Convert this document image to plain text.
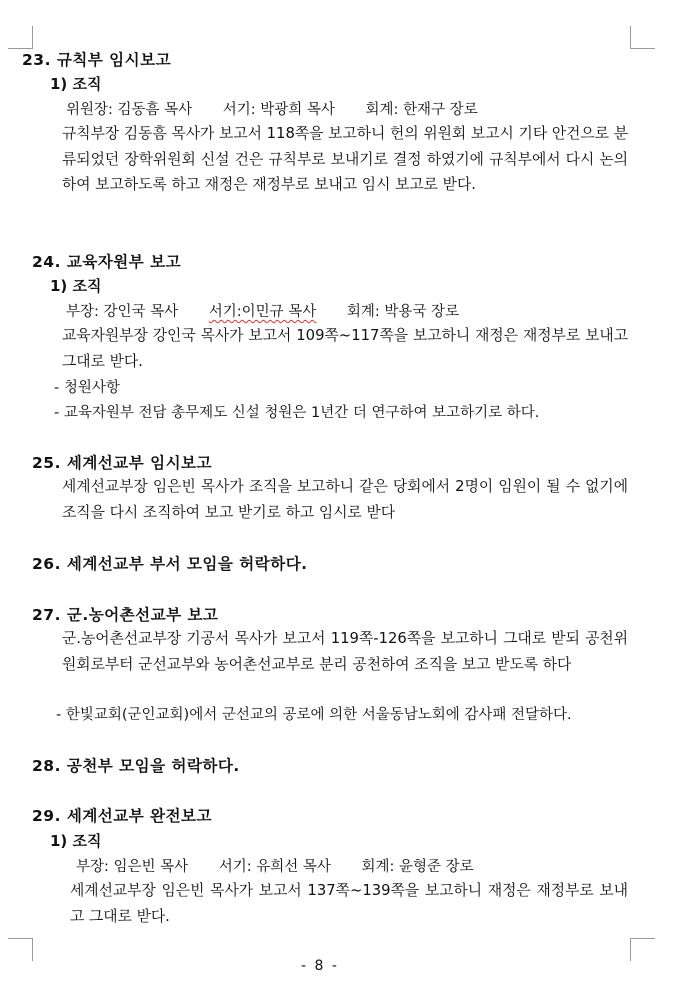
23. 규칙부 임시보고
1) 조직
위원장: 김동흠 목사 서기: 박광희 목사 회계: 한재구 장로
규칙부장 김동흠 목사가 보고서 118쪽을 보고하니 헌의 위원회 보고시 기타 안건으로 분류되었던 장학위원회 신설 건은 규칙부로 보내기로 결정 하였기에 규칙부에서 다시 논의 하여 보고하도록 하고 재정은 재정부로 보내고 임시 보고로 받다.
24. 교육자원부 보고
1) 조직
부장: 강인국 목사 서기:이민규 목사 회계: 박용국 장로
교육자원부장 강인국 목사가 보고서 109쪽~117쪽을 보고하니 재정은 재정부로 보내고 그대로 받다.
- 청원사항
- 교육자원부 전담 총무제도 신설 청원은 1년간 더 연구하여 보고하기로 하다.
25. 세계선교부 임시보고
세계선교부장 임은빈 목사가 조직을 보고하니 같은 당회에서 2명이 임원이 될 수 없기에 조직을 다시 조직하여 보고 받기로 하고 임시로 받다
26. 세계선교부 부서 모임을 허락하다.
27. 군.농어촌선교부 보고
군.농어촌선교부장 기공서 목사가 보고서 119쪽-126쪽을 보고하니 그대로 받되 공천위원회로부터 군선교부와 농어촌선교부로 분리 공천하여 조직을 보고 받도록 하다
- 한빛교회(군인교회)에서 군선교의 공로에 의한 서울동남노회에 감사패 전달하다.
28. 공천부 모임을 허락하다.
29. 세계선교부 완전보고
1) 조직
부장: 임은빈 목사 서기: 유희선 목사 회계: 윤형준 장로
세계선교부장 임은빈 목사가 보고서 137쪽~139쪽을 보고하니 재정은 재정부로 보내고 그대로 받다.
- 8 -
